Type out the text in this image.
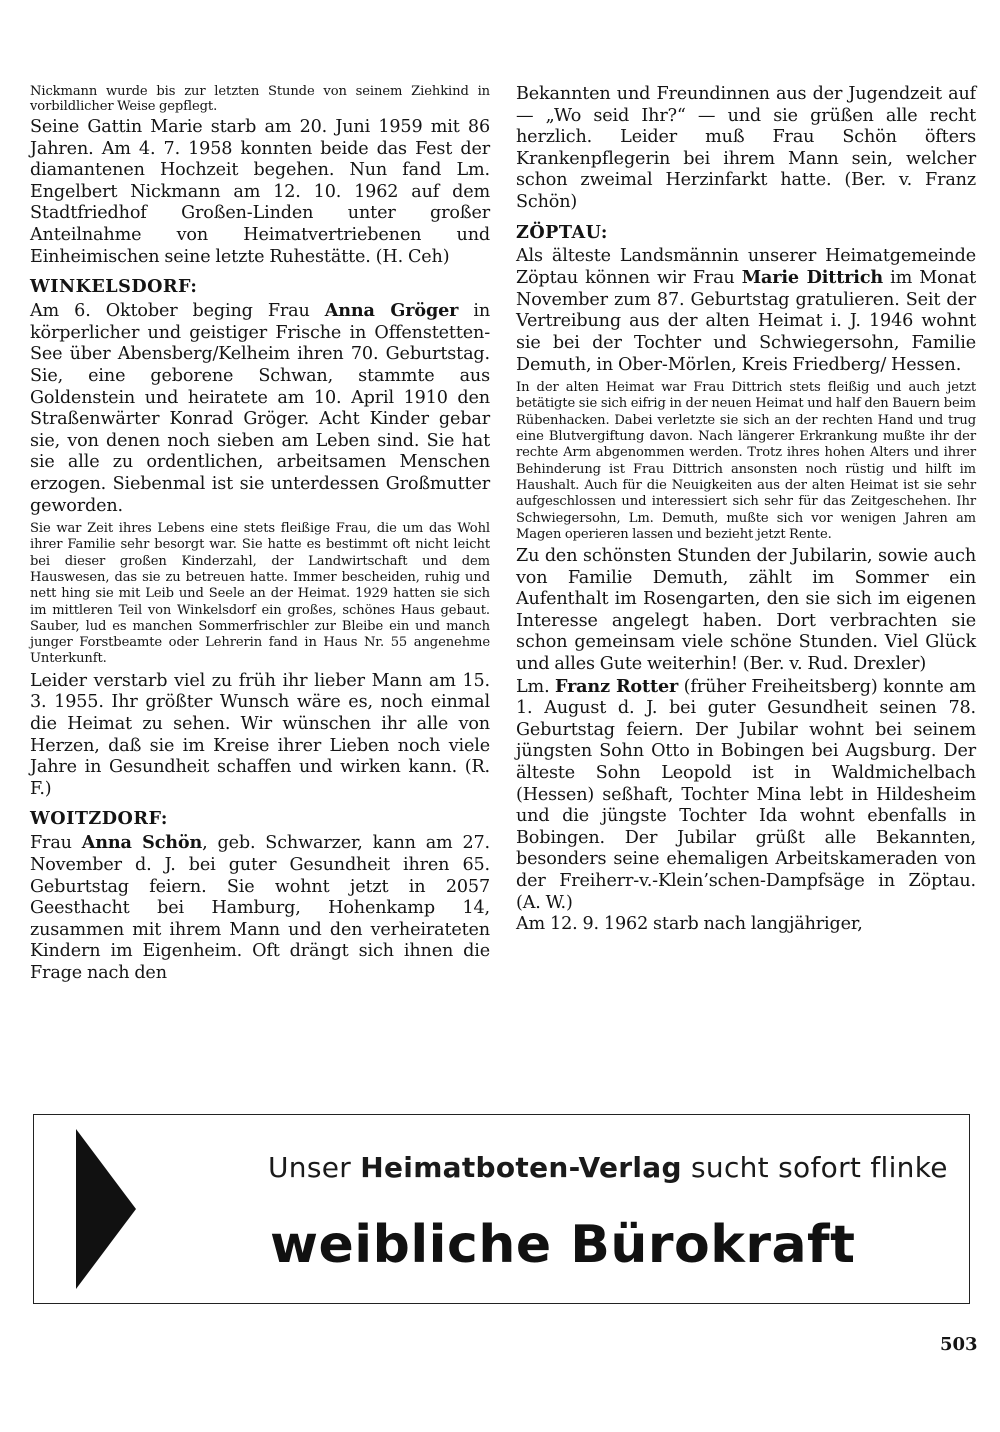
Nickmann wurde bis zur letzten Stunde von seinem Ziehkind in vorbildlicher Weise gepflegt.

Seine Gattin Marie starb am 20. Juni 1959 mit 86 Jahren. Am 4. 7. 1958 konnten beide das Fest der diamantenen Hochzeit begehen. Nun fand Lm. Engelbert Nickmann am 12. 10. 1962 auf dem Stadtfriedhof Großen-Linden unter großer Anteilnahme von Heimatvertriebenen und Einheimischen seine letzte Ruhestätte. (H. Ceh)

WINKELSDORF:

Am 6. Oktober beging Frau Anna Gröger in körperlicher und geistiger Frische in Offenstetten-See über Abensberg/Kelheim ihren 70. Geburtstag. Sie, eine geborene Schwan, stammte aus Goldenstein und heiratete am 10. April 1910 den Straßenwärter Konrad Gröger. Acht Kinder gebar sie, von denen noch sieben am Leben sind. Sie hat sie alle zu ordentlichen, arbeitsamen Menschen erzogen. Siebenmal ist sie unterdessen Großmutter geworden.

Sie war Zeit ihres Lebens eine stets fleißige Frau, die um das Wohl ihrer Familie sehr besorgt war. Sie hatte es bestimmt oft nicht leicht bei dieser großen Kinderzahl, der Landwirtschaft und dem Hauswesen, das sie zu betreuen hatte. Immer bescheiden, ruhig und nett hing sie mit Leib und Seele an der Heimat. 1929 hatten sie sich im mittleren Teil von Winkelsdorf ein großes, schönes Haus gebaut. Sauber, lud es manchen Sommerfrischler zur Bleibe ein und manch junger Forstbeamte oder Lehrerin fand in Haus Nr. 55 angenehme Unterkunft.

Leider verstarb viel zu früh ihr lieber Mann am 15. 3. 1955. Ihr größter Wunsch wäre es, noch einmal die Heimat zu sehen. Wir wünschen ihr alle von Herzen, daß sie im Kreise ihrer Lieben noch viele Jahre in Gesundheit schaffen und wirken kann. (R. F.)

WOITZDORF:

Frau Anna Schön, geb. Schwarzer, kann am 27. November d. J. bei guter Gesundheit ihren 65. Geburtstag feiern. Sie wohnt jetzt in 2057 Geesthacht bei Hamburg, Hohenkamp 14, zusammen mit ihrem Mann und den verheirateten Kindern im Eigenheim. Oft drängt sich ihnen die Frage nach den

Bekannten und Freundinnen aus der Jugendzeit auf — „Wo seid Ihr?“ — und sie grüßen alle recht herzlich. Leider muß Frau Schön öfters Krankenpflegerin bei ihrem Mann sein, welcher schon zweimal Herzinfarkt hatte. (Ber. v. Franz Schön)

ZÖPTAU:

Als älteste Landsmännin unserer Heimatgemeinde Zöptau können wir Frau Marie Dittrich im Monat November zum 87. Geburtstag gratulieren. Seit der Vertreibung aus der alten Heimat i. J. 1946 wohnt sie bei der Tochter und Schwiegersohn, Familie Demuth, in Ober-Mörlen, Kreis Friedberg/ Hessen.

In der alten Heimat war Frau Dittrich stets fleißig und auch jetzt betätigte sie sich eifrig in der neuen Heimat und half den Bauern beim Rübenhacken. Dabei verletzte sie sich an der rechten Hand und trug eine Blutvergiftung davon. Nach längerer Erkrankung mußte ihr der rechte Arm abgenommen werden. Trotz ihres hohen Alters und ihrer Behinderung ist Frau Dittrich ansonsten noch rüstig und hilft im Haushalt. Auch für die Neuigkeiten aus der alten Heimat ist sie sehr aufgeschlossen und interessiert sich sehr für das Zeitgeschehen. Ihr Schwiegersohn, Lm. Demuth, mußte sich vor wenigen Jahren am Magen operieren lassen und bezieht jetzt Rente.

Zu den schönsten Stunden der Jubilarin, sowie auch von Familie Demuth, zählt im Sommer ein Aufenthalt im Rosengarten, den sie sich im eigenen Interesse angelegt haben. Dort verbrachten sie schon gemeinsam viele schöne Stunden. Viel Glück und alles Gute weiterhin! (Ber. v. Rud. Drexler)

Lm. Franz Rotter (früher Freiheitsberg) konnte am 1. August d. J. bei guter Gesundheit seinen 78. Geburtstag feiern. Der Jubilar wohnt bei seinem jüngsten Sohn Otto in Bobingen bei Augsburg. Der älteste Sohn Leopold ist in Waldmichelbach (Hessen) seßhaft, Tochter Mina lebt in Hildesheim und die jüngste Tochter Ida wohnt ebenfalls in Bobingen. Der Jubilar grüßt alle Bekannten, besonders seine ehemaligen Arbeitskameraden von der Freiherr-v.-Klein’schen-Dampfsäge in Zöptau. (A. W.)

Am 12. 9. 1962 starb nach langjähriger,

Unser Heimatboten-Verlag sucht sofort flinke
weibliche Bürokraft
503
